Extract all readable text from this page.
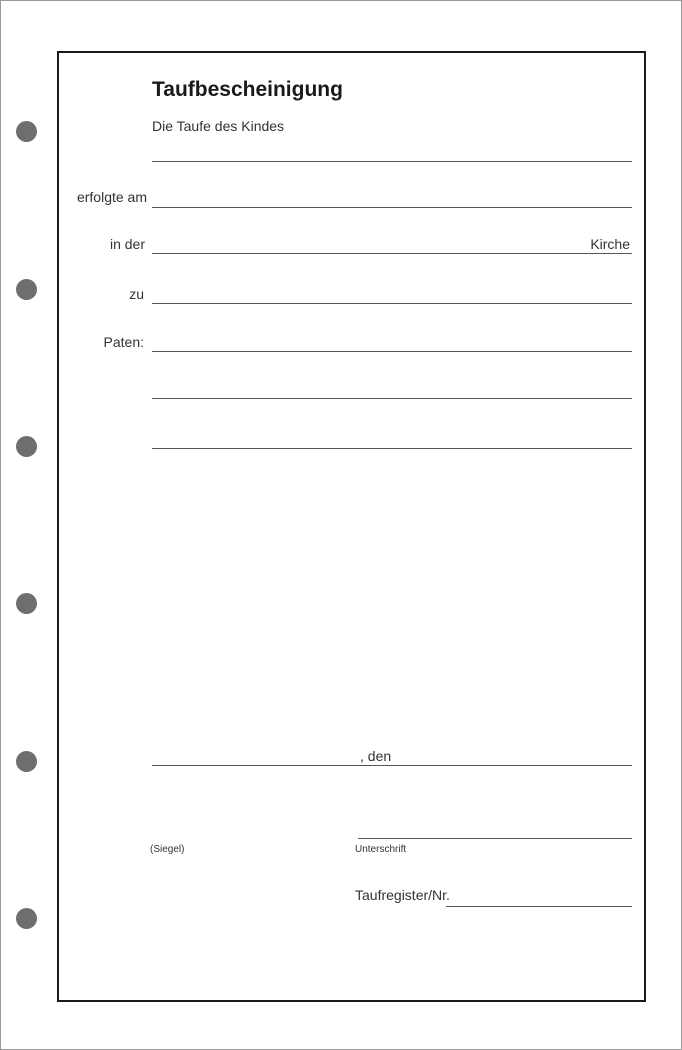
Taufbescheinigung
Die Taufe des Kindes
erfolgte am
in der	Kirche
zu
Paten:
, den
(Siegel)	Unterschrift
Taufregister/Nr.
